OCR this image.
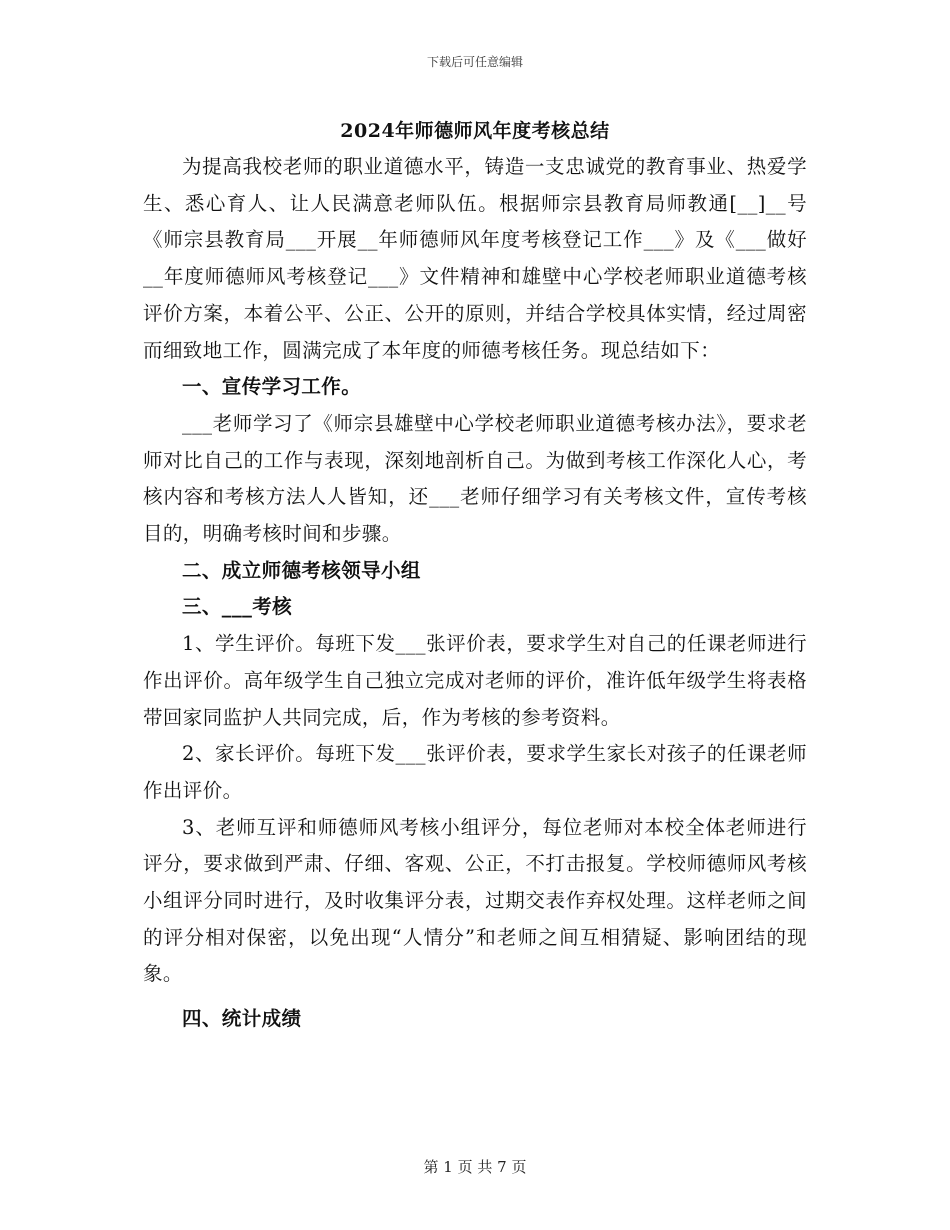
下载后可任意编辑
2024年师德师风年度考核总结

为提高我校老师的职业道德水平，铸造一支忠诚党的教育事业、热爱学生、悉心育人、让人民满意老师队伍。根据师宗县教育局师教通[__]__号《师宗县教育局___开展__年师德师风年度考核登记工作___》及《___做好__年度师德师风考核登记___》文件精神和雄壁中心学校老师职业道德考核评价方案，本着公平、公正、公开的原则，并结合学校具体实情，经过周密而细致地工作，圆满完成了本年度的师德考核任务。现总结如下：

一、宣传学习工作。

___老师学习了《师宗县雄壁中心学校老师职业道德考核办法》，要求老师对比自己的工作与表现，深刻地剖析自己。为做到考核工作深化人心，考核内容和考核方法人人皆知，还___老师仔细学习有关考核文件，宣传考核目的，明确考核时间和步骤。

二、成立师德考核领导小组

三、___考核

1、学生评价。每班下发___张评价表，要求学生对自己的任课老师进行作出评价。高年级学生自己独立完成对老师的评价，准许低年级学生将表格带回家同监护人共同完成，后，作为考核的参考资料。

2、家长评价。每班下发___张评价表，要求学生家长对孩子的任课老师作出评价。

3、老师互评和师德师风考核小组评分，每位老师对本校全体老师进行评分，要求做到严肃、仔细、客观、公正，不打击报复。学校师德师风考核小组评分同时进行，及时收集评分表，过期交表作弃权处理。这样老师之间的评分相对保密，以免出现“人情分”和老师之间互相猜疑、影响团结的现象。

四、统计成绩

第 1 页 共 7 页
